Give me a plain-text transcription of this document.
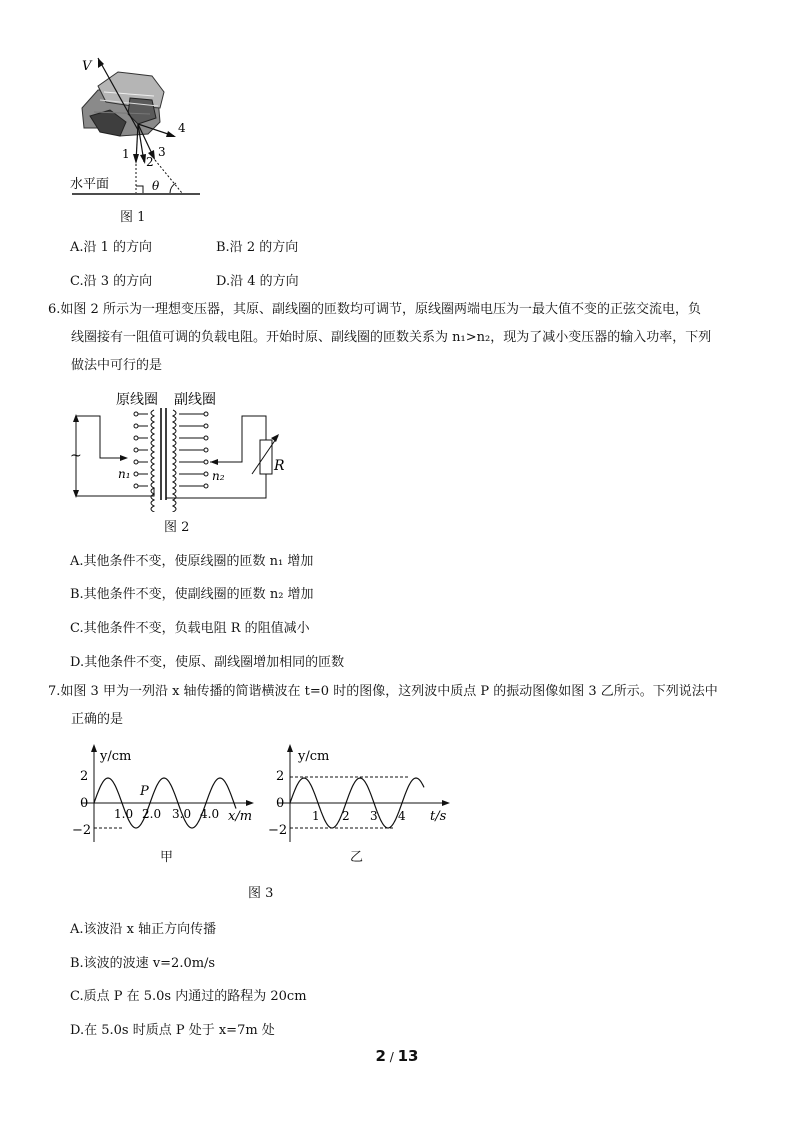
V
1
2
3
4
θ
水平面
图 1
A.沿 1 的方向	B.沿 2 的方向
C.沿 3 的方向	D.沿 4 的方向
6.如图 2 所示为一理想变压器，其原、副线圈的匝数均可调节，原线圈两端电压为一最大值不变的正弦交流电，负
线圈接有一阻值可调的负载电阻。开始时原、副线圈的匝数关系为 n₁>n₂，现为了减小变压器的输入功率，下列
做法中可行的是
原线圈 副线圈
~
n₁	n₂
R
图 2
A.其他条件不变，使原线圈的匝数 n₁ 增加
B.其他条件不变，使副线圈的匝数 n₂ 增加
C.其他条件不变，负载电阻 R 的阻值减小
D.其他条件不变，使原、副线圈增加相同的匝数
7.如图 3 甲为一列沿 x 轴传播的简谐横波在 t=0 时的图像，这列波中质点 P 的振动图像如图 3 乙所示。下列说法中
正确的是
y/cm
x/m
2
0
−2
P
1.0 2.0 3.0 4.0
甲
y/cm
t/s
2
0
−2
1 2 3 4
乙
图 3
A.该波沿 x 轴正方向传播
B.该波的波速 v=2.0m/s
C.质点 P 在 5.0s 内通过的路程为 20cm
D.在 5.0s 时质点 P 处于 x=7m 处
2 / 13
